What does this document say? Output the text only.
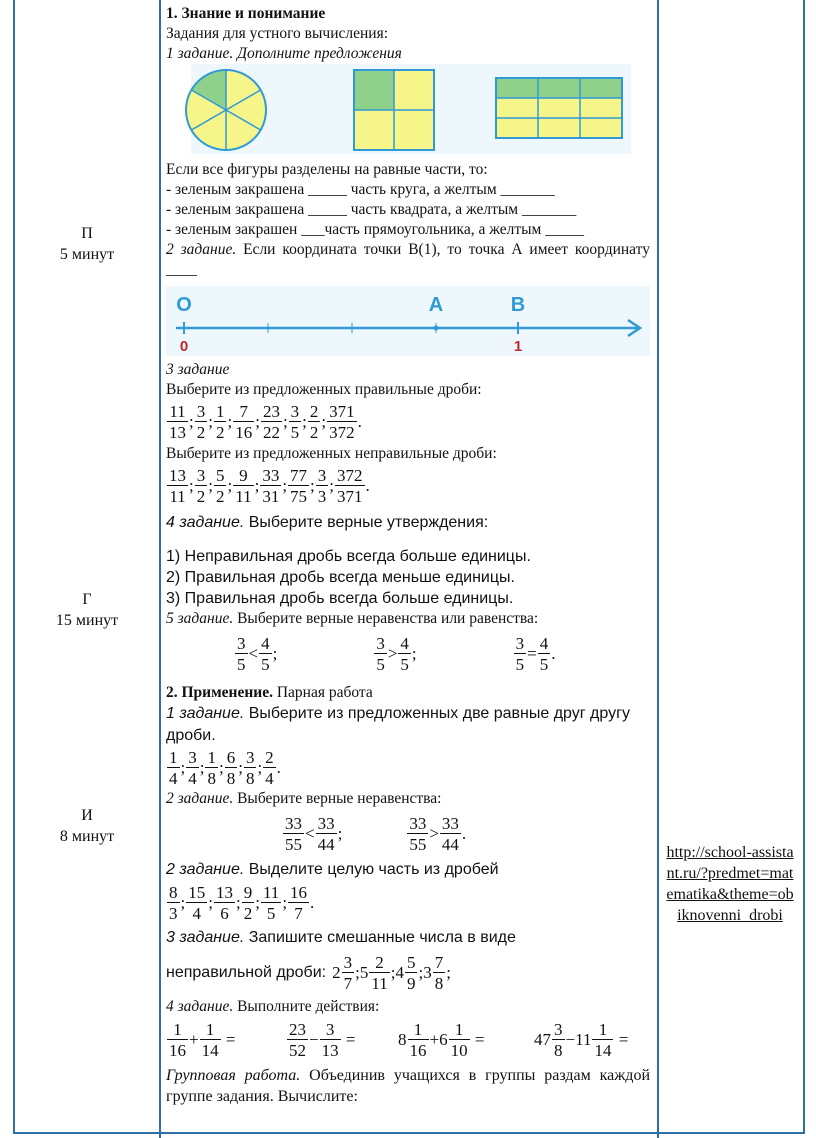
П
5 минут
Г
15 минут
И
8 минут
http://school-assistant.ru/?predmet=matematika&theme=obiknovenni_drobi
1. Знание и понимание
Задания для устного вычисления:
1 задание. Дополните предложения
Если все фигуры разделены на равные части, то:
- зеленым закрашена _____ часть круга, а желтым _______
- зеленым закрашена _____ часть квадрата, а желтым _______
- зеленым закрашен ___часть прямоугольника, а желтым _____
2 задание. Если координата точки В(1), то точка А имеет координату ____
O	A	B
0	1
3 задание
Выберите из предложенных правильные дроби:
11
13
;
3
2
;
1
2
;
7
16
;
23
22
;
3
5
;
2
2
;
371
372
.
Выберите из предложенных неправильные дроби:
13
11
;
3
2
;
5
2
;
9
11
;
33
31
;
77
75
;
3
3
;
372
371
.
4 задание. Выберите верные утверждения:
1) Неправильная дробь всегда больше единицы.
2) Правильная дробь всегда меньше единицы.
3) Правильная дробь всегда больше единицы.
5 задание. Выберите верные неравенства или равенства:
3
5
<
4
5
;
3
5
>
4
5
;	$\frac{3}{5} = \frac{4}{5}$ .
2. Применение. Парная работа
1 задание. Выберите из предложенных две равные друг другу дроби.
1
4
;
3
4
;
1
8
;
6
8
;
3
8
;
2
4
.
2 задание. Выберите верные неравенства:
33
55
<
33
44
;
33
55
>
33
44
.
2 задание. Выделите целую часть из дробей
8
3
;
15
4
;
13
6
;
9
2
;
11
5
;
16
7
.
3 задание. Запишите смешанные числа в виде
неправильной дроби: 2
3
7
; 5
2
11
; 4
5
9
; 3
7
8
;
4 задание. Выполните действия:
1
16
+
1
14
=
23
52
−
3
13
=	8
1
16
+6
1
10
=	47
3
8
−11
1
14
=
Групповая работа. Объединив учащихся в группы раздам каждой группе задания. Вычислите:
